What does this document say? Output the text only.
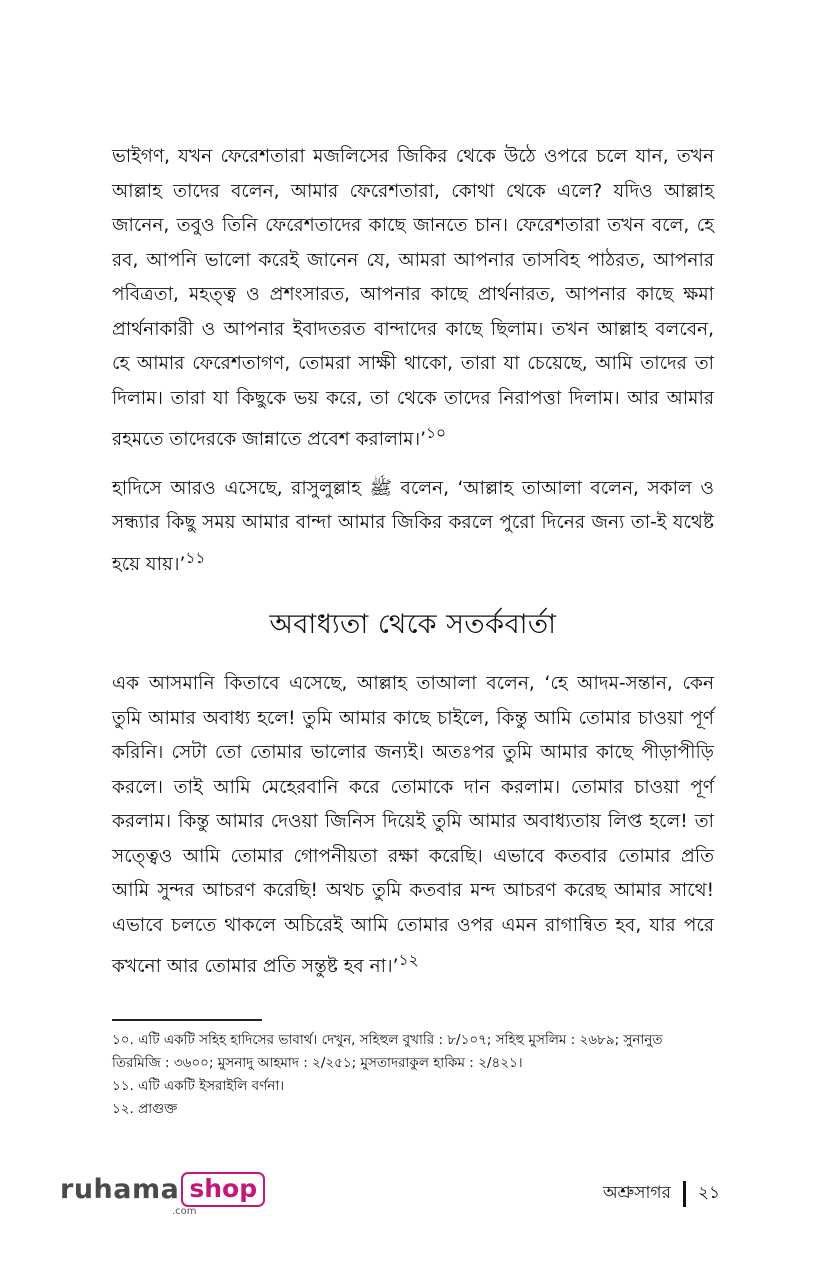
ভাইগণ, যখন ফেরেশতারা মজলিসের জিকির থেকে উঠে ওপরে চলে যান, তখন আল্লাহ তাদের বলেন, আমার ফেরেশতারা, কোথা থেকে এলে? যদিও আল্লাহ জানেন, তবুও তিনি ফেরেশতাদের কাছে জানতে চান। ফেরেশতারা তখন বলে, হে রব, আপনি ভালো করেই জানেন যে, আমরা আপনার তাসবিহ পাঠরত, আপনার পবিত্রতা, মহত্ত্ব ও প্রশংসারত, আপনার কাছে প্রার্থনারত, আপনার কাছে ক্ষমা প্রার্থনাকারী ও আপনার ইবাদতরত বান্দাদের কাছে ছিলাম। তখন আল্লাহ বলবেন, হে আমার ফেরেশতাগণ, তোমরা সাক্ষী থাকো, তারা যা চেয়েছে, আমি তাদের তা দিলাম। তারা যা কিছুকে ভয় করে, তা থেকে তাদের নিরাপত্তা দিলাম। আর আমার রহমতে তাদেরকে জান্নাতে প্রবেশ করালাম।’$^{১০}$

হাদিসে আরও এসেছে, রাসুলুল্লাহ ﷺ বলেন, ‘আল্লাহ তাআলা বলেন, সকাল ও সন্ধ্যার কিছু সময় আমার বান্দা আমার জিকির করলে পুরো দিনের জন্য তা-ই যথেষ্ট হয়ে যায়।’$^{১১}$

অবাধ্যতা থেকে সতর্কবার্তা

এক আসমানি কিতাবে এসেছে, আল্লাহ তাআলা বলেন, ‘হে আদম-সন্তান, কেন তুমি আমার অবাধ্য হলে! তুমি আমার কাছে চাইলে, কিন্তু আমি তোমার চাওয়া পূর্ণ করিনি। সেটা তো তোমার ভালোর জন্যই। অতঃপর তুমি আমার কাছে পীড়াপীড়ি করলে। তাই আমি মেহেরবানি করে তোমাকে দান করলাম। তোমার চাওয়া পূর্ণ করলাম। কিন্তু আমার দেওয়া জিনিস দিয়েই তুমি আমার অবাধ্যতায় লিপ্ত হলে! তা সত্ত্বেও আমি তোমার গোপনীয়তা রক্ষা করেছি। এভাবে কতবার তোমার প্রতি আমি সুন্দর আচরণ করেছি! অথচ তুমি কতবার মন্দ আচরণ করেছ আমার সাথে! এভাবে চলতে থাকলে অচিরেই আমি তোমার ওপর এমন রাগান্বিত হব, যার পরে কখনো আর তোমার প্রতি সন্তুষ্ট হব না।’$^{১২}$

১০. এটি একটি সহিহ হাদিসের ভাবার্থ। দেখুন, সহিহুল বুখারি : ৮/১০৭; সহিহু মুসলিম : ২৬৮৯; সুনানুত তিরমিজি : ৩৬০০; মুসনাদু আহমাদ : ২/২৫১; মুসতাদরাকুল হাকিম : ২/৪২১।

১১. এটি একটি ইসরাইলি বর্ণনা।

১২. প্রাগুক্ত

ruhama shop
.com
অশ্রুসাগর ২১
